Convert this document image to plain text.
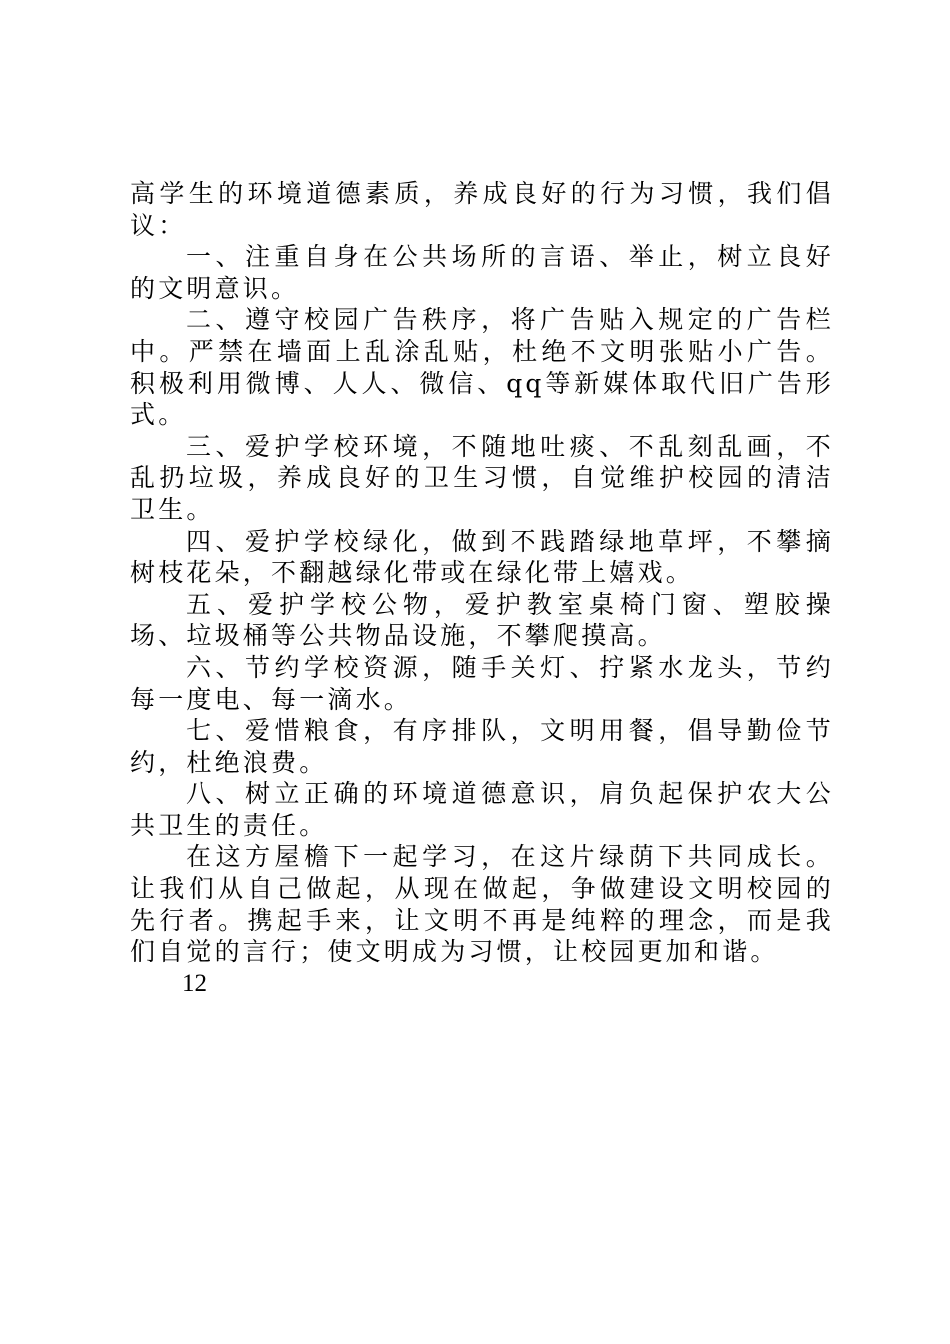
高学生的环境道德素质，养成良好的行为习惯，我们倡议：

一、注重自身在公共场所的言语、举止，树立良好的文明意识。

二、遵守校园广告秩序，将广告贴入规定的广告栏中。严禁在墙面上乱涂乱贴，杜绝不文明张贴小广告。积极利用微博、人人、微信、qq等新媒体取代旧广告形式。

三、爱护学校环境，不随地吐痰、不乱刻乱画，不乱扔垃圾，养成良好的卫生习惯，自觉维护校园的清洁卫生。

四、爱护学校绿化，做到不践踏绿地草坪，不攀摘树枝花朵，不翻越绿化带或在绿化带上嬉戏。

五、爱护学校公物，爱护教室桌椅门窗、塑胶操场、垃圾桶等公共物品设施，不攀爬摸高。

六、节约学校资源，随手关灯、拧紧水龙头，节约每一度电、每一滴水。

七、爱惜粮食，有序排队，文明用餐，倡导勤俭节约，杜绝浪费。

八、树立正确的环境道德意识，肩负起保护农大公共卫生的责任。

在这方屋檐下一起学习，在这片绿荫下共同成长。让我们从自己做起，从现在做起，争做建设文明校园的先行者。携起手来，让文明不再是纯粹的理念，而是我们自觉的言行；使文明成为习惯，让校园更加和谐。

12
